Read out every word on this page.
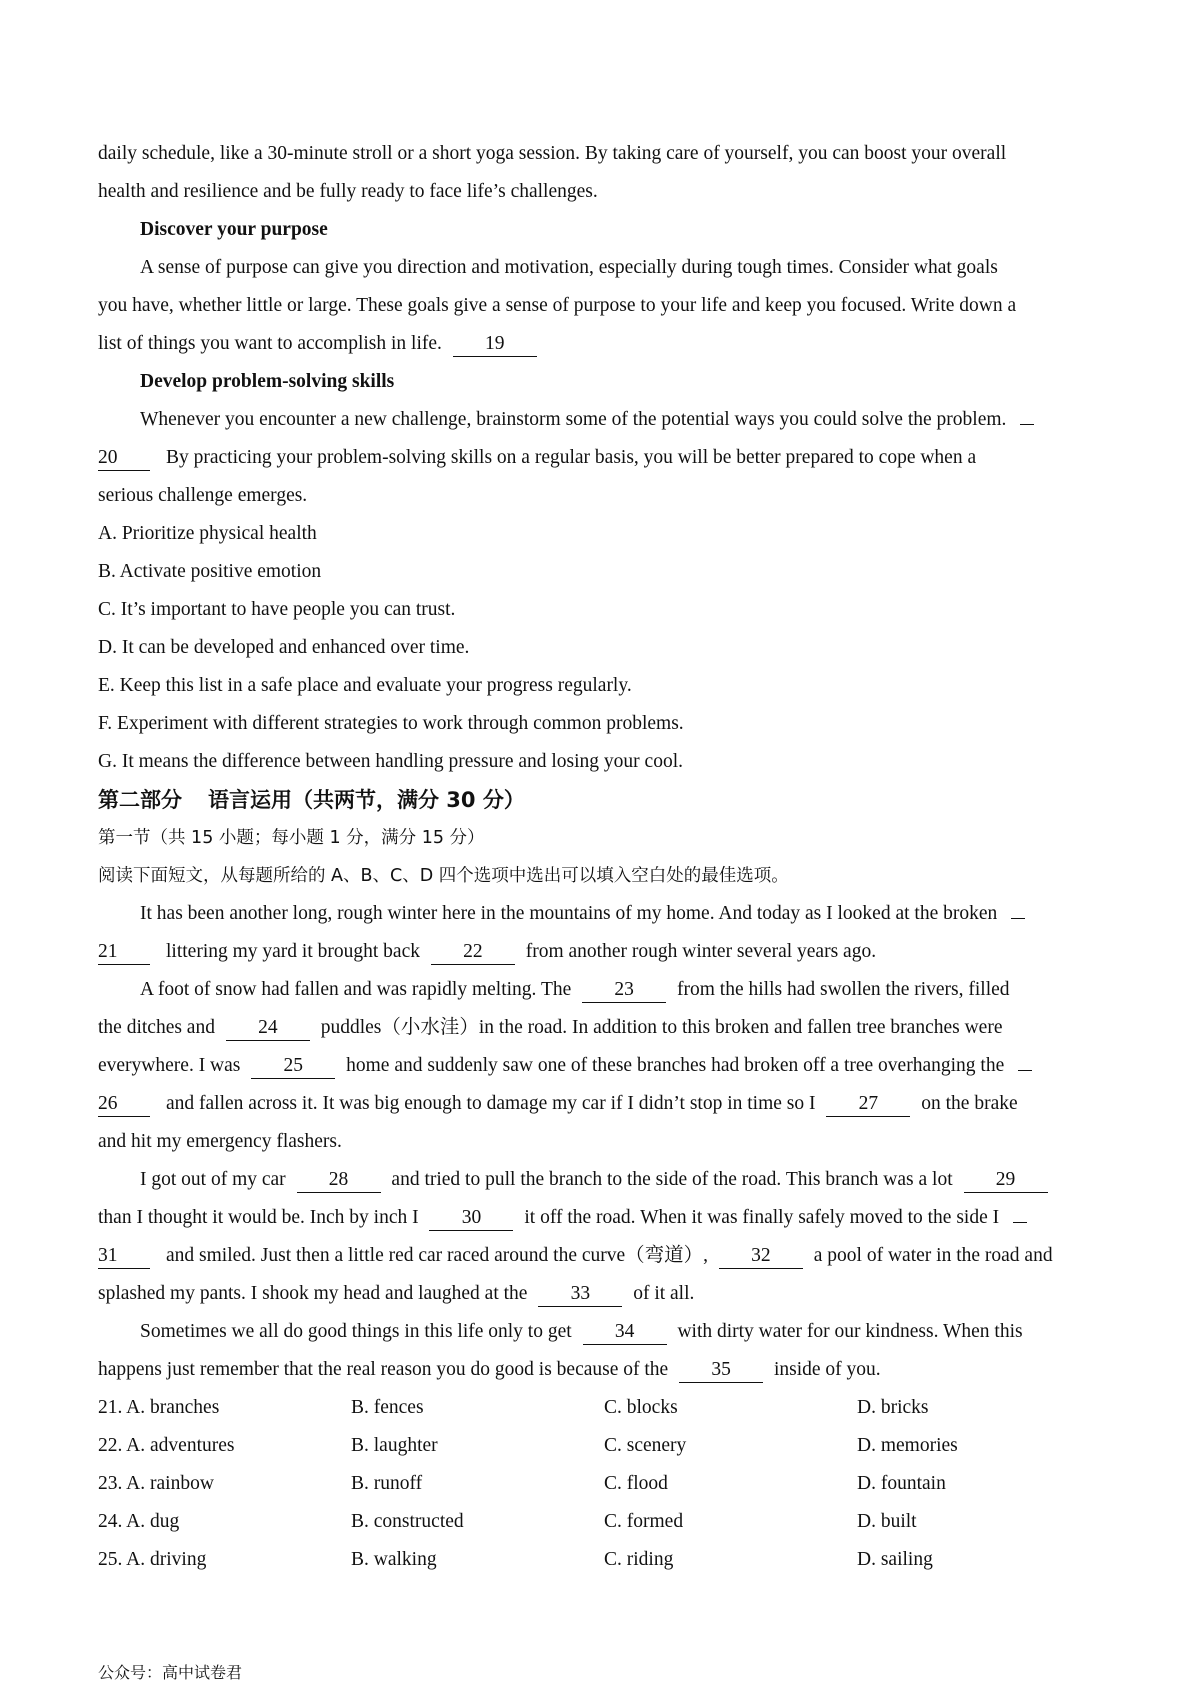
daily schedule, like a 30-minute stroll or a short yoga session. By taking care of yourself, you can boost your overall
health and resilience and be fully ready to face life’s challenges.
Discover your purpose
A sense of purpose can give you direction and motivation, especially during tough times. Consider what goals
you have, whether little or large. These goals give a sense of purpose to your life and keep you focused. Write down a
list of things you want to accomplish in life. 19
Develop problem-solving skills
Whenever you encounter a new challenge, brainstorm some of the potential ways you could solve the problem.
20 By practicing your problem-solving skills on a regular basis, you will be better prepared to cope when a
serious challenge emerges.
A. Prioritize physical health
B. Activate positive emotion
C. It’s important to have people you can trust.
D. It can be developed and enhanced over time.
E. Keep this list in a safe place and evaluate your progress regularly.
F. Experiment with different strategies to work through common problems.
G. It means the difference between handling pressure and losing your cool.
第二部分 语言运用（共两节，满分 30 分）
第一节（共 15 小题；每小题 1 分，满分 15 分）
阅读下面短文，从每题所给的 A、B、C、D 四个选项中选出可以填入空白处的最佳选项。
It has been another long, rough winter here in the mountains of my home. And today as I looked at the broken
21 littering my yard it brought back 22 from another rough winter several years ago.
A foot of snow had fallen and was rapidly melting. The 23 from the hills had swollen the rivers, filled
the ditches and 24 puddles（小水洼）in the road. In addition to this broken and fallen tree branches were
everywhere. I was 25 home and suddenly saw one of these branches had broken off a tree overhanging the
26 and fallen across it. It was big enough to damage my car if I didn’t stop in time so I 27 on the brake
and hit my emergency flashers.
I got out of my car 28 and tried to pull the branch to the side of the road. This branch was a lot 29
than I thought it would be. Inch by inch I 30 it off the road. When it was finally safely moved to the side I
31 and smiled. Just then a little red car raced around the curve（弯道）, 32 a pool of water in the road and
splashed my pants. I shook my head and laughed at the 33 of it all.
Sometimes we all do good things in this life only to get 34 with dirty water for our kindness. When this
happens just remember that the real reason you do good is because of the 35 inside of you.
21. A. branches	B. fences	C. blocks	D. bricks
22. A. adventures	B. laughter	C. scenery	D. memories
23. A. rainbow	B. runoff	C. flood	D. fountain
24. A. dug	B. constructed	C. formed	D. built
25. A. driving	B. walking	C. riding	D. sailing
公众号：高中试卷君
